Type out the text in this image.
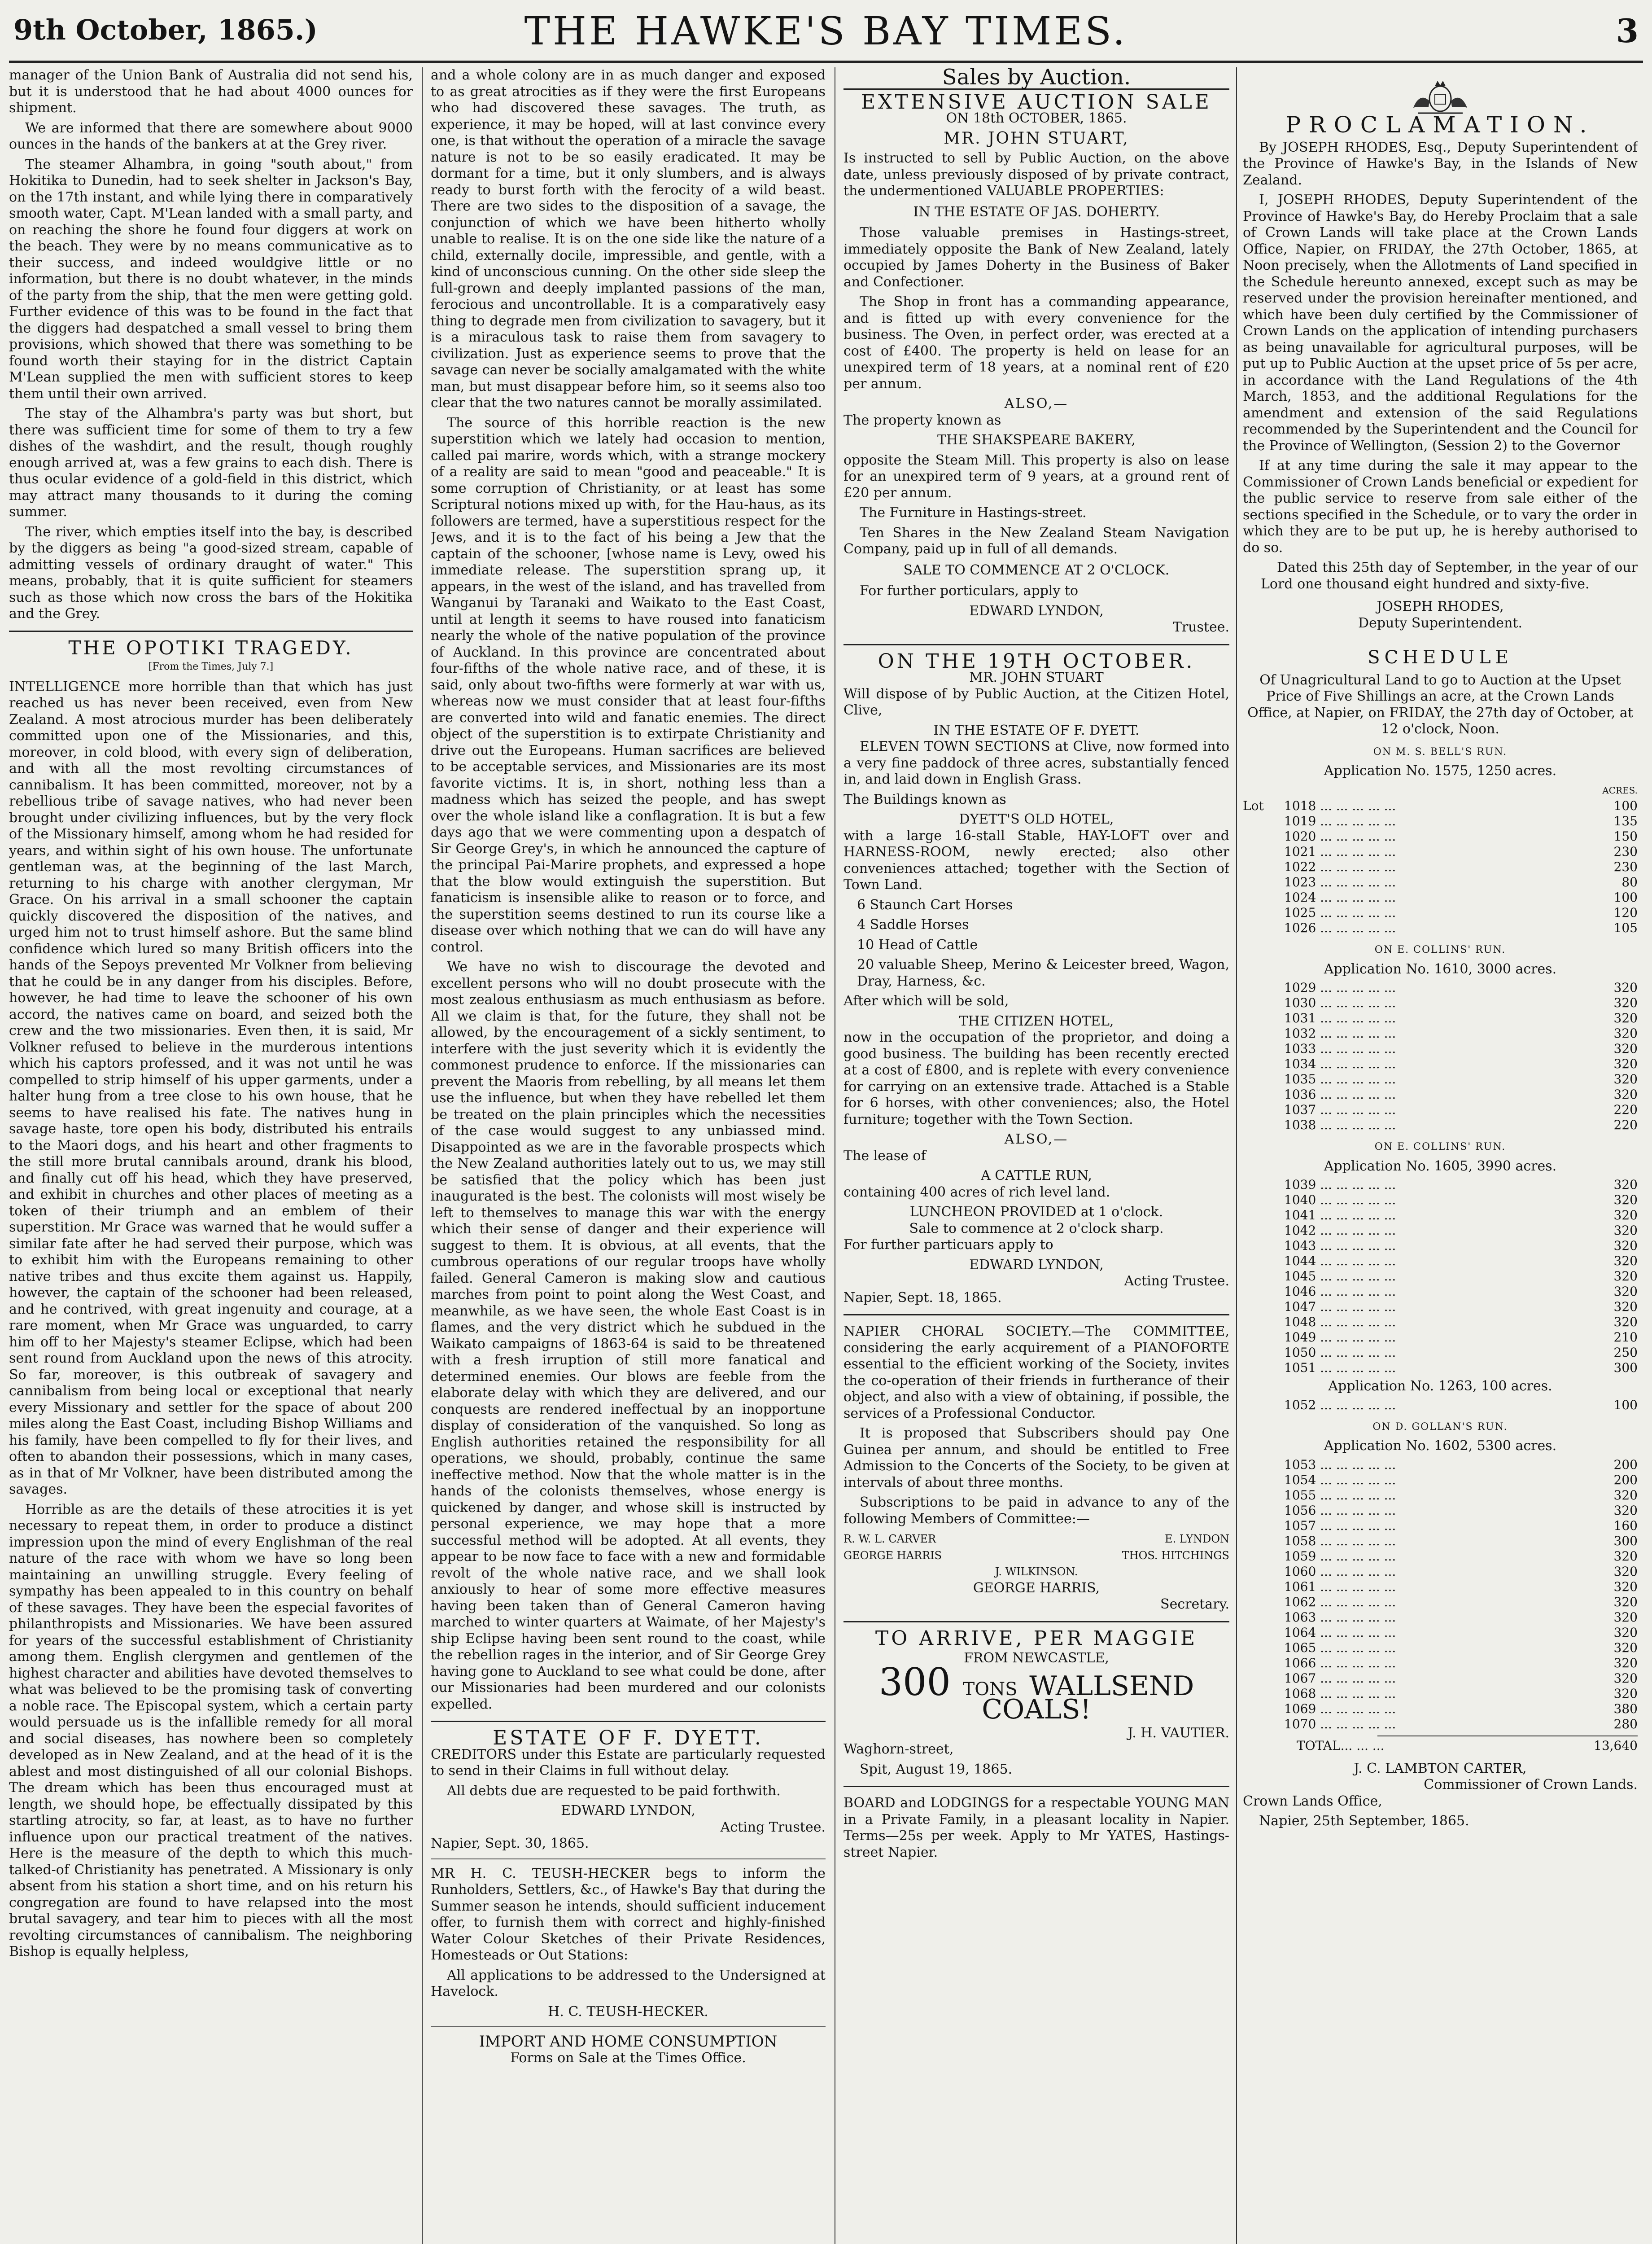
9th October, 1865.)	THE HAWKE'S BAY TIMES.	3

manager of the Union Bank of Australia did not send his, but it is understood that he had about 4000 ounces for shipment.

We are informed that there are somewhere about 9000 ounces in the hands of the bankers at at the Grey river.

The steamer Alhambra, in going "south about," from Hokitika to Dunedin, had to seek shelter in Jackson's Bay, on the 17th instant, and while lying there in comparatively smooth water, Capt. M'Lean landed with a small party, and on reaching the shore he found four diggers at work on the beach. They were by no means communicative as to their success, and indeed wouldgive little or no information, but there is no doubt whatever, in the minds of the party from the ship, that the men were getting gold. Further evidence of this was to be found in the fact that the diggers had despatched a small vessel to bring them provisions, which showed that there was something to be found worth their staying for in the district Captain M'Lean supplied the men with sufficient stores to keep them until their own arrived.

The stay of the Alhambra's party was but short, but there was sufficient time for some of them to try a few dishes of the washdirt, and the result, though roughly enough arrived at, was a few grains to each dish. There is thus ocular evidence of a gold-field in this district, which may attract many thousands to it during the coming summer.

The river, which empties itself into the bay, is described by the diggers as being "a good-sized stream, capable of admitting vessels of ordinary draught of water." This means, probably, that it is quite sufficient for steamers such as those which now cross the bars of the Hokitika and the Grey.

THE OPOTIKI TRAGEDY.
[From the Times, July 7.]

INTELLIGENCE more horrible than that which has just reached us has never been received, even from New Zealand. A most atrocious murder has been deliberately committed upon one of the Missionaries, and this, moreover, in cold blood, with every sign of deliberation, and with all the most revolting circumstances of cannibalism. It has been committed, moreover, not by a rebellious tribe of savage natives, who had never been brought under civilizing influences, but by the very flock of the Missionary himself, among whom he had resided for years, and within sight of his own house. The unfortunate gentleman was, at the beginning of the last March, returning to his charge with another clergyman, Mr Grace. On his arrival in a small schooner the captain quickly discovered the disposition of the natives, and urged him not to trust himself ashore. But the same blind confidence which lured so many British officers into the hands of the Sepoys prevented Mr Volkner from believing that he could be in any danger from his disciples. Before, however, he had time to leave the schooner of his own accord, the natives came on board, and seized both the crew and the two missionaries. Even then, it is said, Mr Volkner refused to believe in the murderous intentions which his captors professed, and it was not until he was compelled to strip himself of his upper garments, under a halter hung from a tree close to his own house, that he seems to have realised his fate. The natives hung in savage haste, tore open his body, distributed his entrails to the Maori dogs, and his heart and other fragments to the still more brutal cannibals around, drank his blood, and finally cut off his head, which they have preserved, and exhibit in churches and other places of meeting as a token of their triumph and an emblem of their superstition. Mr Grace was warned that he would suffer a similar fate after he had served their purpose, which was to exhibit him with the Europeans remaining to other native tribes and thus excite them against us. Happily, however, the captain of the schooner had been released, and he contrived, with great ingenuity and courage, at a rare moment, when Mr Grace was unguarded, to carry him off to her Majesty's steamer Eclipse, which had been sent round from Auckland upon the news of this atrocity. So far, moreover, is this outbreak of savagery and cannibalism from being local or exceptional that nearly every Missionary and settler for the space of about 200 miles along the East Coast, including Bishop Williams and his family, have been compelled to fly for their lives, and often to abandon their possessions, which in many cases, as in that of Mr Volkner, have been distributed among the savages.

Horrible as are the details of these atrocities it is yet necessary to repeat them, in order to produce a distinct impression upon the mind of every Englishman of the real nature of the race with whom we have so long been maintaining an unwilling struggle. Every feeling of sympathy has been appealed to in this country on behalf of these savages. They have been the especial favorites of philanthropists and Missionaries. We have been assured for years of the successful establishment of Christianity among them. English clergymen and gentlemen of the highest character and abilities have devoted themselves to what was believed to be the promising task of converting a noble race. The Episcopal system, which a certain party would persuade us is the infallible remedy for all moral and social diseases, has nowhere been so completely developed as in New Zealand, and at the head of it is the ablest and most distinguished of all our colonial Bishops. The dream which has been thus encouraged must at length, we should hope, be effectually dissipated by this startling atrocity, so far, at least, as to have no further influence upon our practical treatment of the natives. Here is the measure of the depth to which this much-talked-of Christianity has penetrated. A Missionary is only absent from his station a short time, and on his return his congregation are found to have relapsed into the most brutal savagery, and tear him to pieces with all the most revolting circumstances of cannibalism. The neighboring Bishop is equally helpless,

and a whole colony are in as much danger and exposed to as great atrocities as if they were the first Europeans who had discovered these savages. The truth, as experience, it may be hoped, will at last convince every one, is that without the operation of a miracle the savage nature is not to be so easily eradicated. It may be dormant for a time, but it only slumbers, and is always ready to burst forth with the ferocity of a wild beast. There are two sides to the disposition of a savage, the conjunction of which we have been hitherto wholly unable to realise. It is on the one side like the nature of a child, externally docile, impressible, and gentle, with a kind of unconscious cunning. On the other side sleep the full-grown and deeply implanted passions of the man, ferocious and uncontrollable. It is a comparatively easy thing to degrade men from civilization to savagery, but it is a miraculous task to raise them from savagery to civilization. Just as experience seems to prove that the savage can never be socially amalgamated with the white man, but must disappear before him, so it seems also too clear that the two natures cannot be morally assimilated.

The source of this horrible reaction is the new superstition which we lately had occasion to mention, called pai marire, words which, with a strange mockery of a reality are said to mean "good and peaceable." It is some corruption of Christianity, or at least has some Scriptural notions mixed up with, for the Hau-haus, as its followers are termed, have a superstitious respect for the Jews, and it is to the fact of his being a Jew that the captain of the schooner, [whose name is Levy, owed his immediate release. The superstition sprang up, it appears, in the west of the island, and has travelled from Wanganui by Taranaki and Waikato to the East Coast, until at length it seems to have roused into fanaticism nearly the whole of the native population of the province of Auckland. In this province are concentrated about four-fifths of the whole native race, and of these, it is said, only about two-fifths were formerly at war with us, whereas now we must consider that at least four-fifths are converted into wild and fanatic enemies. The direct object of the superstition is to extirpate Christianity and drive out the Europeans. Human sacrifices are believed to be acceptable services, and Missionaries are its most favorite victims. It is, in short, nothing less than a madness which has seized the people, and has swept over the whole island like a conflagration. It is but a few days ago that we were commenting upon a despatch of Sir George Grey's, in which he announced the capture of the principal Pai-Marire prophets, and expressed a hope that the blow would extinguish the superstition. But fanaticism is insensible alike to reason or to force, and the superstition seems destined to run its course like a disease over which nothing that we can do will have any control.

We have no wish to discourage the devoted and excellent persons who will no doubt prosecute with the most zealous enthusiasm as much enthusiasm as before. All we claim is that, for the future, they shall not be allowed, by the encouragement of a sickly sentiment, to interfere with the just severity which it is evidently the commonest prudence to enforce. If the missionaries can prevent the Maoris from rebelling, by all means let them use the influence, but when they have rebelled let them be treated on the plain principles which the necessities of the case would suggest to any unbiassed mind. Disappointed as we are in the favorable prospects which the New Zealand authorities lately out to us, we may still be satisfied that the policy which has been just inaugurated is the best. The colonists will most wisely be left to themselves to manage this war with the energy which their sense of danger and their experience will suggest to them. It is obvious, at all events, that the cumbrous operations of our regular troops have wholly failed. General Cameron is making slow and cautious marches from point to point along the West Coast, and meanwhile, as we have seen, the whole East Coast is in flames, and the very district which he subdued in the Waikato campaigns of 1863-64 is said to be threatened with a fresh irruption of still more fanatical and determined enemies. Our blows are feeble from the elaborate delay with which they are delivered, and our conquests are rendered ineffectual by an inopportune display of consideration of the vanquished. So long as English authorities retained the responsibility for all operations, we should, probably, continue the same ineffective method. Now that the whole matter is in the hands of the colonists themselves, whose energy is quickened by danger, and whose skill is instructed by personal experience, we may hope that a more successful method will be adopted. At all events, they appear to be now face to face with a new and formidable revolt of the whole native race, and we shall look anxiously to hear of some more effective measures having been taken than of General Cameron having marched to winter quarters at Waimate, of her Majesty's ship Eclipse having been sent round to the coast, while the rebellion rages in the interior, and of Sir George Grey having gone to Auckland to see what could be done, after our Missionaries had been murdered and our colonists expelled.

ESTATE OF F. DYETT.

CREDITORS under this Estate are particularly requested to send in their Claims in full without delay.

All debts due are requested to be paid forthwith.

EDWARD LYNDON,
Acting Trustee.

Napier, Sept. 30, 1865.

MR H. C. TEUSH-HECKER begs to inform the Runholders, Settlers, &c., of Hawke's Bay that during the Summer season he intends, should sufficient inducement offer, to furnish them with correct and highly-finished Water Colour Sketches of their Private Residences, Homesteads or Out Stations:

All applications to be addressed to the Undersigned at Havelock.

H. C. TEUSH-HECKER.
IMPORT AND HOME CONSUMPTION
Forms on Sale at the Times Office.
Sales by Auction.
EXTENSIVE AUCTION SALE
ON 18th OCTOBER, 1865.
MR. JOHN STUART,

Is instructed to sell by Public Auction, on the above date, unless previously disposed of by private contract, the undermentioned VALUABLE PROPERTIES:

IN THE ESTATE OF JAS. DOHERTY.

Those valuable premises in Hastings-street, immediately opposite the Bank of New Zealand, lately occupied by James Doherty in the Business of Baker and Confectioner.

The Shop in front has a commanding appearance, and is fitted up with every convenience for the business. The Oven, in perfect order, was erected at a cost of £400. The property is held on lease for an unexpired term of 18 years, at a nominal rent of £20 per annum.

ALSO,—

The property known as

THE SHAKSPEARE BAKERY,

opposite the Steam Mill. This property is also on lease for an unexpired term of 9 years, at a ground rent of £20 per annum.

The Furniture in Hastings-street.

Ten Shares in the New Zealand Steam Navigation Company, paid up in full of all demands.

SALE TO COMMENCE AT 2 O'CLOCK.

For further porticulars, apply to

EDWARD LYNDON,
Trustee.
ON THE 19TH OCTOBER.
MR. JOHN STUART

Will dispose of by Public Auction, at the Citizen Hotel, Clive,

IN THE ESTATE OF F. DYETT.

ELEVEN TOWN SECTIONS at Clive, now formed into a very fine paddock of three acres, substantially fenced in, and laid down in English Grass.

The Buildings known as

DYETT'S OLD HOTEL,

with a large 16-stall Stable, HAY-LOFT over and HARNESS-ROOM, newly erected; also other conveniences attached; together with the Section of Town Land.

6 Staunch Cart Horses

4 Saddle Horses

10 Head of Cattle

20 valuable Sheep, Merino & Leicester breed, Wagon, Dray, Harness, &c.

After which will be sold,

THE CITIZEN HOTEL,

now in the occupation of the proprietor, and doing a good business. The building has been recently erected at a cost of £800, and is replete with every convenience for carrying on an extensive trade. Attached is a Stable for 6 horses, with other conveniences; also, the Hotel furniture; together with the Town Section.

ALSO,—

The lease of

A CATTLE RUN,

containing 400 acres of rich level land.

LUNCHEON PROVIDED at 1 o'clock.
Sale to commence at 2 o'clock sharp.

For further particuars apply to

EDWARD LYNDON,
Acting Trustee.

Napier, Sept. 18, 1865.

NAPIER CHORAL SOCIETY.—The COMMITTEE, considering the early acquirement of a PIANOFORTE essential to the efficient working of the Society, invites the co-operation of their friends in furtherance of their object, and also with a view of obtaining, if possible, the services of a Professional Conductor.

It is proposed that Subscribers should pay One Guinea per annum, and should be entitled to Free Admission to the Concerts of the Society, to be given at intervals of about three months.

Subscriptions to be paid in advance to any of the following Members of Committee:—

R. W. L. CARVER	E. LYNDON
GEORGE HARRIS	THOS. HITCHINGS
J. WILKINSON.
GEORGE HARRIS,
Secretary.
TO ARRIVE, PER MAGGIE
FROM NEWCASTLE,
300 TONS WALLSEND COALS!
J. H. VAUTIER.

Waghorn-street,

Spit, August 19, 1865.

BOARD and LODGINGS for a respectable YOUNG MAN in a Private Family, in a pleasant locality in Napier. Terms—25s per week. Apply to Mr YATES, Hastings-street Napier.

PROCLAMATION.

By JOSEPH RHODES, Esq., Deputy Superintendent of the Province of Hawke's Bay, in the Islands of New Zealand.

I, JOSEPH RHODES, Deputy Superintendent of the Province of Hawke's Bay, do Hereby Proclaim that a sale of Crown Lands will take place at the Crown Lands Office, Napier, on FRIDAY, the 27th October, 1865, at Noon precisely, when the Allotments of Land specified in the Schedule hereunto annexed, except such as may be reserved under the provision hereinafter mentioned, and which have been duly certified by the Commissioner of Crown Lands on the application of intending purchasers as being unavailable for agricultural purposes, will be put up to Public Auction at the upset price of 5s per acre, in accordance with the Land Regulations of the 4th March, 1853, and the additional Regulations for the amendment and extension of the said Regulations recommended by the Superintendent and the Council for the Province of Wellington, (Session 2) to the Governor

If at any time during the sale it may appear to the Commissioner of Crown Lands beneficial or expedient for the public service to reserve from sale either of the sections specified in the Schedule, or to vary the order in which they are to be put up, he is hereby authorised to do so.

Dated this 25th day of September, in the year of our Lord one thousand eight hundred and sixty-five.

JOSEPH RHODES,
Deputy Superintendent.
SCHEDULE

Of Unagricultural Land to go to Auction at the Upset Price of Five Shillings an acre, at the Crown Lands Office, at Napier, on FRIDAY, the 27th day of October, at 12 o'clock, Noon.

ON M. S. BELL'S RUN.
Application No. 1575, 1250 acres.
ACRES.
Lot	1018 ... ... ... ... ...	100
1019 ... ... ... ... ...	135
1020 ... ... ... ... ...	150
1021 ... ... ... ... ...	230
1022 ... ... ... ... ...	230
1023 ... ... ... ... ...	80
1024 ... ... ... ... ...	100
1025 ... ... ... ... ...	120
1026 ... ... ... ... ...	105
ON E. COLLINS' RUN.
Application No. 1610, 3000 acres.
1029 ... ... ... ... ...	320
1030 ... ... ... ... ...	320
1031 ... ... ... ... ...	320
1032 ... ... ... ... ...	320
1033 ... ... ... ... ...	320
1034 ... ... ... ... ...	320
1035 ... ... ... ... ...	320
1036 ... ... ... ... ...	320
1037 ... ... ... ... ...	220
1038 ... ... ... ... ...	220
ON E. COLLINS' RUN.
Application No. 1605, 3990 acres.
1039 ... ... ... ... ...	320
1040 ... ... ... ... ...	320
1041 ... ... ... ... ...	320
1042 ... ... ... ... ...	320
1043 ... ... ... ... ...	320
1044 ... ... ... ... ...	320
1045 ... ... ... ... ...	320
1046 ... ... ... ... ...	320
1047 ... ... ... ... ...	320
1048 ... ... ... ... ...	320
1049 ... ... ... ... ...	210
1050 ... ... ... ... ...	250
1051 ... ... ... ... ...	300
Application No. 1263, 100 acres.
1052 ... ... ... ... ...	100
ON D. GOLLAN'S RUN.
Application No. 1602, 5300 acres.
1053 ... ... ... ... ...	200
1054 ... ... ... ... ...	200
1055 ... ... ... ... ...	320
1056 ... ... ... ... ...	320
1057 ... ... ... ... ...	160
1058 ... ... ... ... ...	300
1059 ... ... ... ... ...	320
1060 ... ... ... ... ...	320
1061 ... ... ... ... ...	320
1062 ... ... ... ... ...	320
1063 ... ... ... ... ...	320
1064 ... ... ... ... ...	320
1065 ... ... ... ... ...	320
1066 ... ... ... ... ...	320
1067 ... ... ... ... ...	320
1068 ... ... ... ... ...	320
1069 ... ... ... ... ...	380
1070 ... ... ... ... ...	280
TOTAL ... ... ...	13,640
J. C. LAMBTON CARTER,
Commissioner of Crown Lands.

Crown Lands Office,

Napier, 25th September, 1865.
